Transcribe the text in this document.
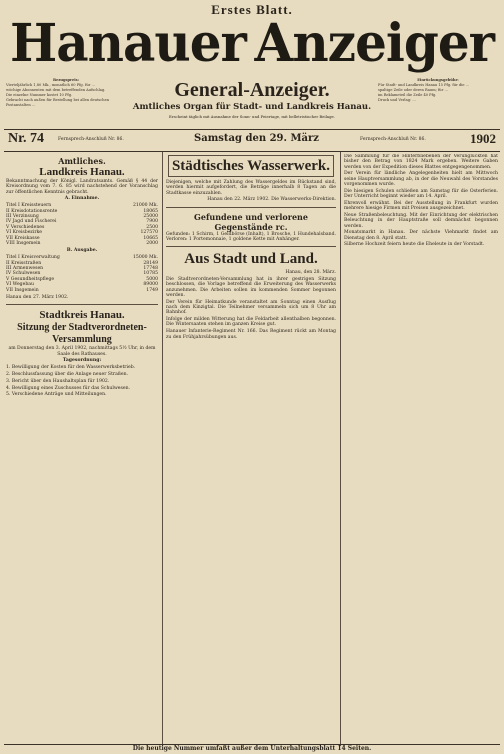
Erstes Blatt.
Hanauer Anzeiger
Bezugspreis:
Vierteljährlich 1,80 Mk., monatlich 60 Pfg. für ...
wöchige Abonnenten mit dem betreffenden Aufschlag.
Die einzelne Nummer kostet 10 Pfg.
Gebracht nach außen für Bestellung bei allen deutschen Postanstalten ...
General-Anzeiger.
Amtliches Organ für Stadt- und Landkreis Hanau.
Erscheint täglich mit Ausnahme der Sonn- und Feiertage, mit belletristischer Beilage.
Einrückungsgebühr:
Für Stadt- und Landkreis Hanau 15 Pfg. für die ...
spaltige Zeile oder deren Raum; für ...
im Reklameteil die Zeile 40 Pfg.
Druck und Verlag: ...
Nr. 74	Fernsprech-Anschluß Nr. 86.	Samstag den 29. März	Fernsprech-Anschluß Nr. 86.	1902
Amtliches.
Landkreis Hanau.
Bekanntmachung der Königl. Landratsamts. Gemäß § 44 der Kreisordnung vom 7. 6. 85 wird nachstehend der Voranschlag zur öffentlichen Kenntnis gebracht.
A. Einnahme.
Titel I Kreissteuern	21000 Mk.
II Kreisdotationsrente	18065
III Verzinsung	25000
IV Jagd und Fischerei	7900
V Verschiedenes	2500
VI Kreisbezirke	127570
VII Kreiskasse	10665
VIII Insgemein	2000
B. Ausgabe.
Titel I Kreisverwaltung	15000 Mk.
II Kreisstraßen	28149
III Armenwesen	17748
IV Schulwesen	10785
V Gesundheitspflege	5000
VI Wegebau	89000
VII Insgemein	1749
Hanau den 27. März 1902.
Stadtkreis Hanau.
Sitzung der Stadtverordneten-Versammlung
am Donnerstag den 3. April 1902, nachmittags 5½ Uhr, in dem Saale des Rathauses.
Tagesordnung:
1. Bewilligung der Kosten für den Wasserwerksbetrieb.
2. Beschlussfassung über die Anlage neuer Straßen.
3. Bericht über den Haushaltsplan für 1902.
4. Bewilligung eines Zuschusses für das Schulwesen.
5. Verschiedene Anträge und Mitteilungen.
Städtisches Wasserwerk.
Diejenigen, welche mit Zahlung des Wassergeldes im Rückstand sind, werden hiermit aufgefordert, die Beträge innerhalb 8 Tagen an die Stadtkasse einzuzahlen.
Hanau den 22. März 1902. Die Wasserwerks-Direktion.
Gefundene und verlorene Gegenstände rc.
Gefunden: 1 Schirm, 1 Geldbörse (Inhalt), 1 Brosche, 1 Hundehalsband. Verloren: 1 Portemonnaie, 1 goldene Kette mit Anhänger.
Aus Stadt und Land.
Hanau, den 28. März.
Die Stadtverordneten-Versammlung hat in ihrer gestrigen Sitzung beschlossen, die Vorlage betreffend die Erweiterung des Wasserwerks anzunehmen. Die Arbeiten sollen im kommenden Sommer begonnen werden.
Der Verein für Heimatkunde veranstaltet am Sonntag einen Ausflug nach dem Kinzigtal. Die Teilnehmer versammeln sich um 8 Uhr am Bahnhof.
Infolge der milden Witterung hat die Feldarbeit allenthalben begonnen. Die Wintersaaten stehen im ganzen Kreise gut.
Hanauer Infanterie-Regiment Nr. 166. Das Regiment rückt am Montag zu den Frühjahrsübungen aus.
Die Sammlung für die Hinterbliebenen der Verunglückten hat bisher den Betrag von 1824 Mark ergeben. Weitere Gaben werden von der Expedition dieses Blattes entgegengenommen.
Der Verein für ländliche Angelegenheiten hielt am Mittwoch seine Hauptversammlung ab, in der die Neuwahl des Vorstandes vorgenommen wurde.
Die hiesigen Schulen schließen am Samstag für die Osterferien. Der Unterricht beginnt wieder am 14. April.
Ehrenvoll erwähnt. Bei der Ausstellung in Frankfurt wurden mehrere hiesige Firmen mit Preisen ausgezeichnet.
Neue Straßenbeleuchtung. Mit der Einrichtung der elektrischen Beleuchtung in der Hauptstraße soll demnächst begonnen werden.
Monatsmarkt in Hanau. Der nächste Viehmarkt findet am Dienstag den 8. April statt.
Silberne Hochzeit feiern heute die Eheleute in der Vorstadt.
Die heutige Nummer umfaßt außer dem Unterhaltungsblatt 14 Seiten.
